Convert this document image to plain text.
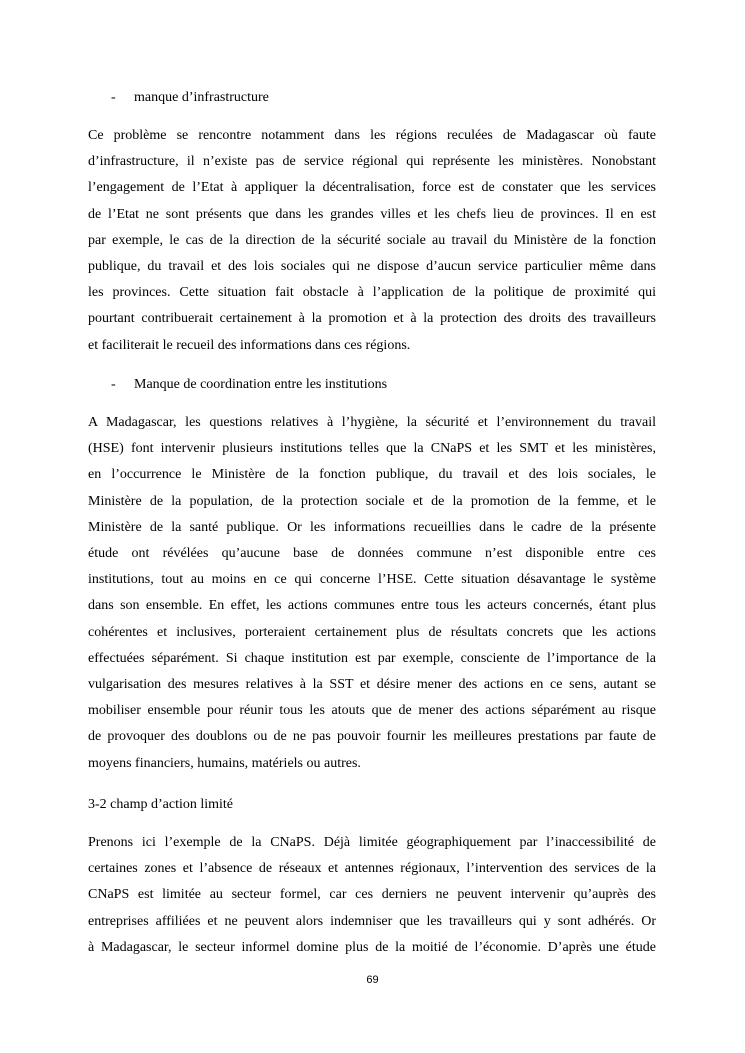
- manque d’infrastructure
Ce problème se rencontre notamment dans les régions reculées de Madagascar où faute
d’infrastructure, il n’existe pas de service régional qui représente les ministères. Nonobstant
l’engagement de l’Etat à appliquer la décentralisation, force est de constater que les services
de l’Etat ne sont présents que dans les grandes villes et les chefs lieu de provinces. Il en est
par exemple, le cas de la direction de la sécurité sociale au travail du Ministère de la fonction
publique, du travail et des lois sociales qui ne dispose d’aucun service particulier même dans
les provinces. Cette situation fait obstacle à l’application de la politique de proximité qui
pourtant contribuerait certainement à la promotion et à la protection des droits des travailleurs
et faciliterait le recueil des informations dans ces régions.
- Manque de coordination entre les institutions
A Madagascar, les questions relatives à l’hygiène, la sécurité et l’environnement du travail
(HSE) font intervenir plusieurs institutions telles que la CNaPS et les SMT et les ministères,
en l’occurrence le Ministère de la fonction publique, du travail et des lois sociales, le
Ministère de la population, de la protection sociale et de la promotion de la femme, et le
Ministère de la santé publique. Or les informations recueillies dans le cadre de la présente
étude ont révélées qu’aucune base de données commune n’est disponible entre ces
institutions, tout au moins en ce qui concerne l’HSE. Cette situation désavantage le système
dans son ensemble. En effet, les actions communes entre tous les acteurs concernés, étant plus
cohérentes et inclusives, porteraient certainement plus de résultats concrets que les actions
effectuées séparément. Si chaque institution est par exemple, consciente de l’importance de la
vulgarisation des mesures relatives à la SST et désire mener des actions en ce sens, autant se
mobiliser ensemble pour réunir tous les atouts que de mener des actions séparément au risque
de provoquer des doublons ou de ne pas pouvoir fournir les meilleures prestations par faute de
moyens financiers, humains, matériels ou autres.
3-2 champ d’action limité
Prenons ici l’exemple de la CNaPS. Déjà limitée géographiquement par l’inaccessibilité de
certaines zones et l’absence de réseaux et antennes régionaux, l’intervention des services de la
CNaPS est limitée au secteur formel, car ces derniers ne peuvent intervenir qu’auprès des
entreprises affiliées et ne peuvent alors indemniser que les travailleurs qui y sont adhérés. Or
à Madagascar, le secteur informel domine plus de la moitié de l’économie. D’après une étude
69
